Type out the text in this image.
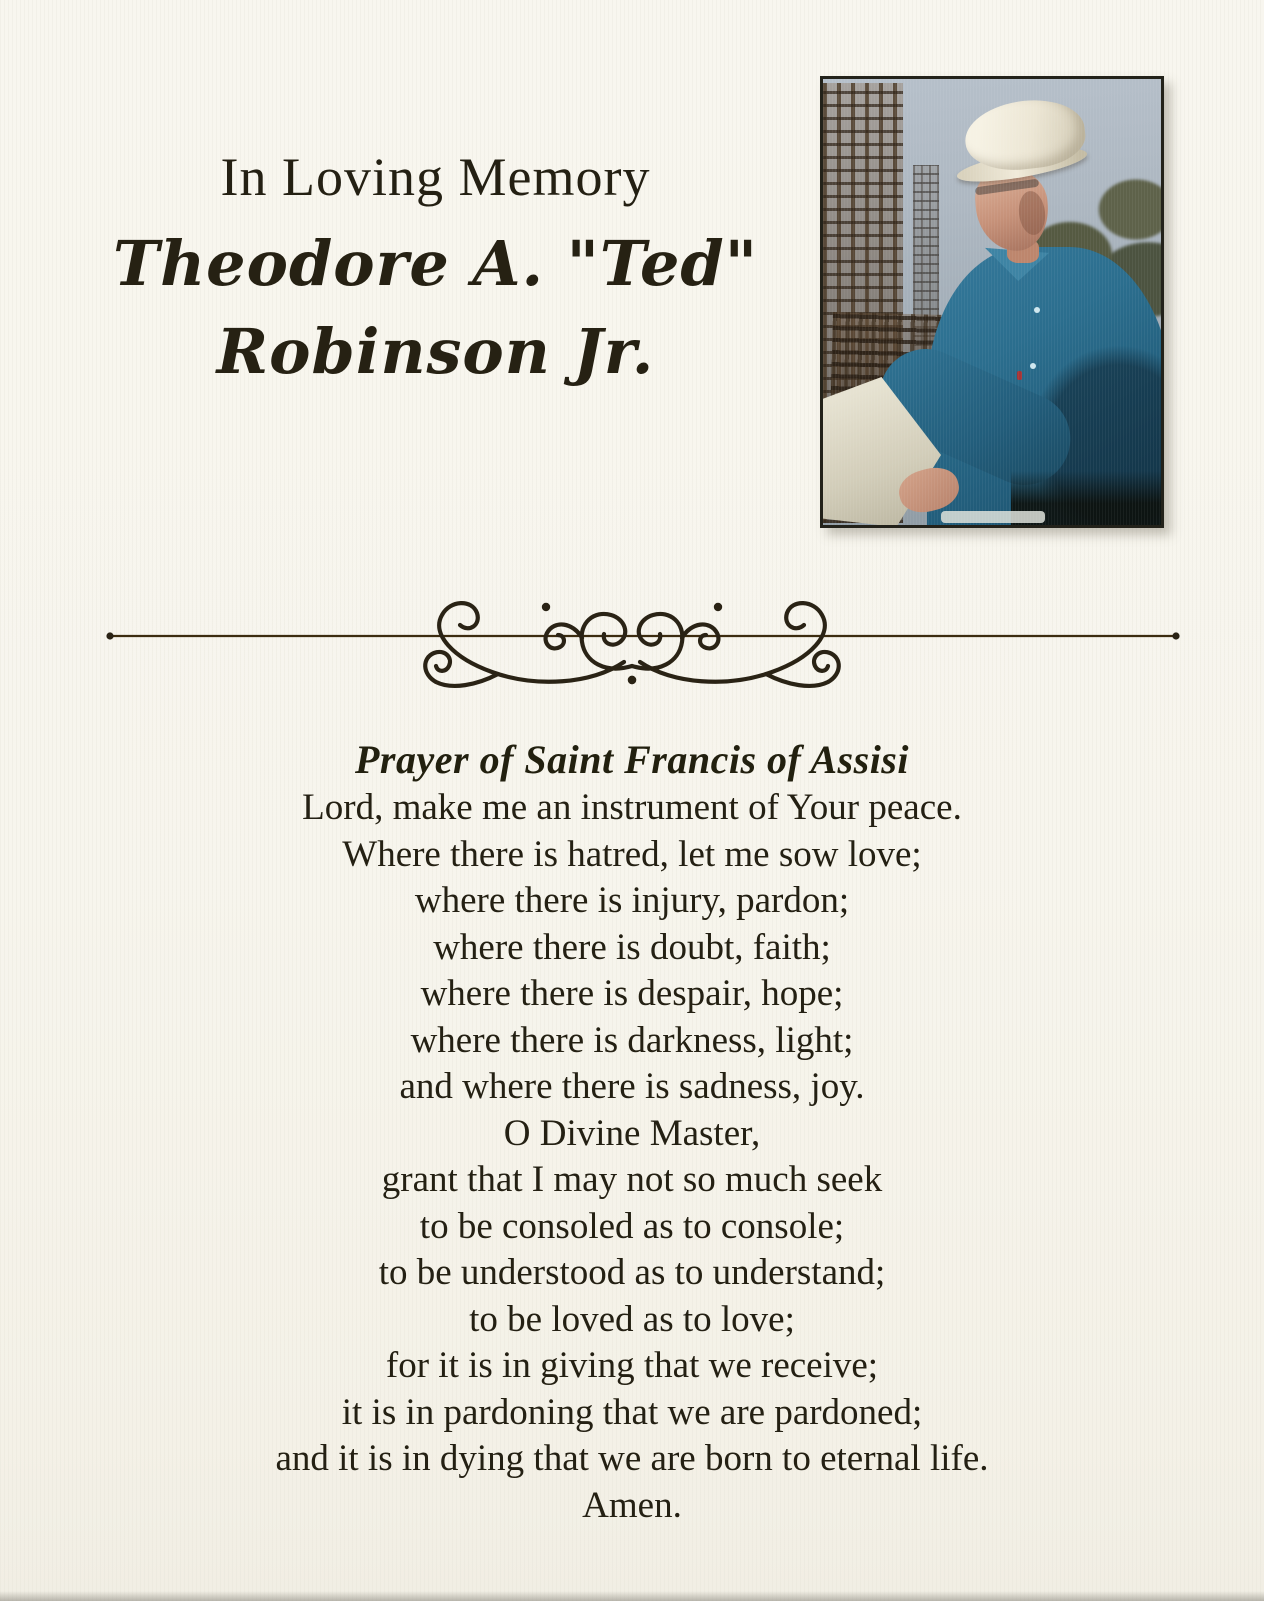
In Loving Memory
Theodore A. "Ted"
Robinson Jr.
Prayer of Saint Francis of Assisi
Lord, make me an instrument of Your peace.
Where there is hatred, let me sow love;
where there is injury, pardon;
where there is doubt, faith;
where there is despair, hope;
where there is darkness, light;
and where there is sadness, joy.
O Divine Master,
grant that I may not so much seek
to be consoled as to console;
to be understood as to understand;
to be loved as to love;
for it is in giving that we receive;
it is in pardoning that we are pardoned;
and it is in dying that we are born to eternal life.
Amen.
